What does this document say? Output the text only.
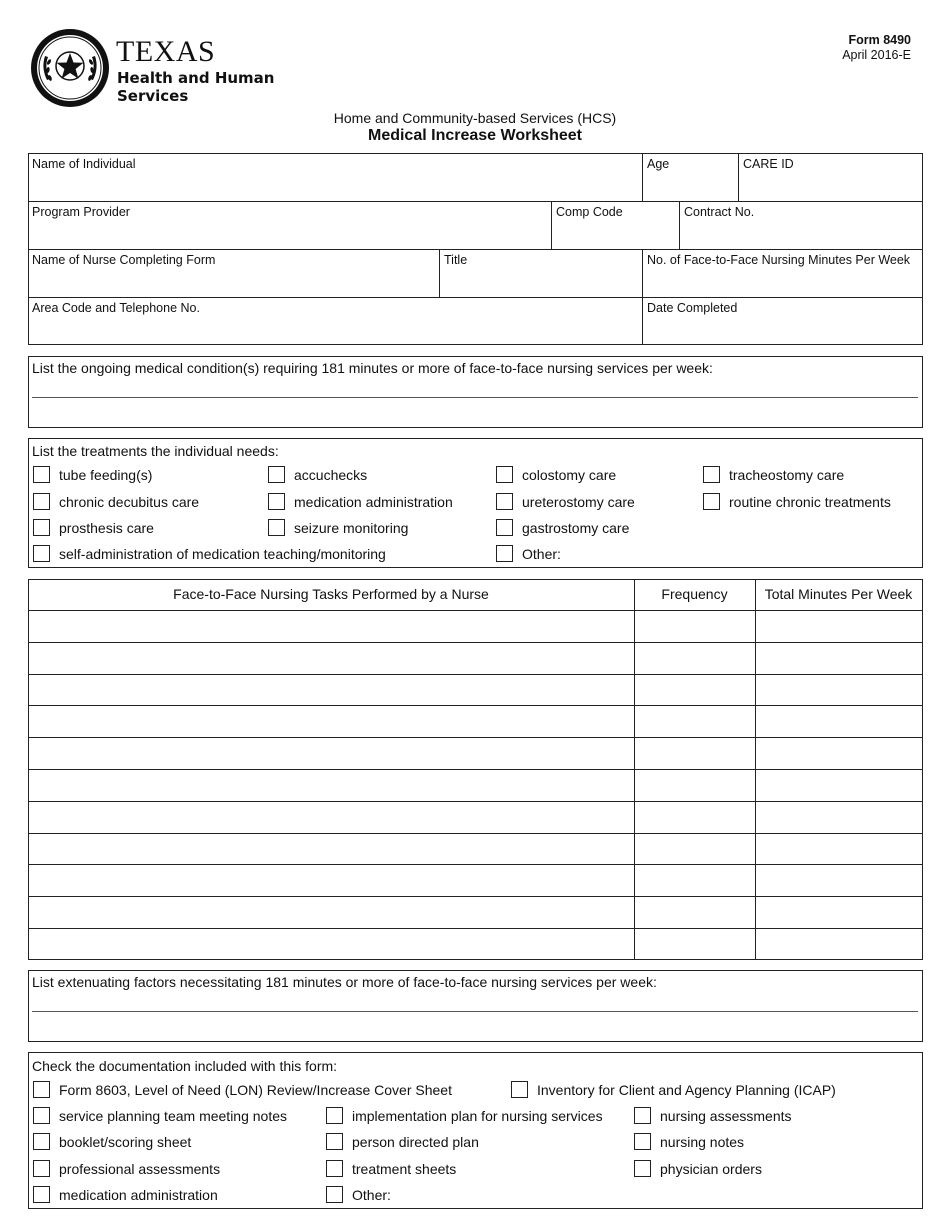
TEXAS
Health and Human
Services
Form 8490
April 2016-E
Home and Community-based Services (HCS)
Medical Increase Worksheet
Name of Individual	Age	CARE ID
Program Provider	Comp Code	Contract No.
Name of Nurse Completing Form	Title	No. of Face-to-Face Nursing Minutes Per Week
Area Code and Telephone No.	Date Completed
List the ongoing medical condition(s) requiring 181 minutes or more of face-to-face nursing services per week:
List the treatments the individual needs:
tube feeding(s)	accuchecks	colostomy care	tracheostomy care
chronic decubitus care	medication administration	ureterostomy care	routine chronic treatments
prosthesis care	seizure monitoring	gastrostomy care
self-administration of medication teaching/monitoring	Other:
Face-to-Face Nursing Tasks Performed by a Nurse	Frequency	Total Minutes Per Week
List extenuating factors necessitating 181 minutes or more of face-to-face nursing services per week:
Check the documentation included with this form:
Form 8603, Level of Need (LON) Review/Increase Cover Sheet	Inventory for Client and Agency Planning (ICAP)
service planning team meeting notes	implementation plan for nursing services	nursing assessments
booklet/scoring sheet	person directed plan	nursing notes
professional assessments	treatment sheets	physician orders
medication administration	Other:
